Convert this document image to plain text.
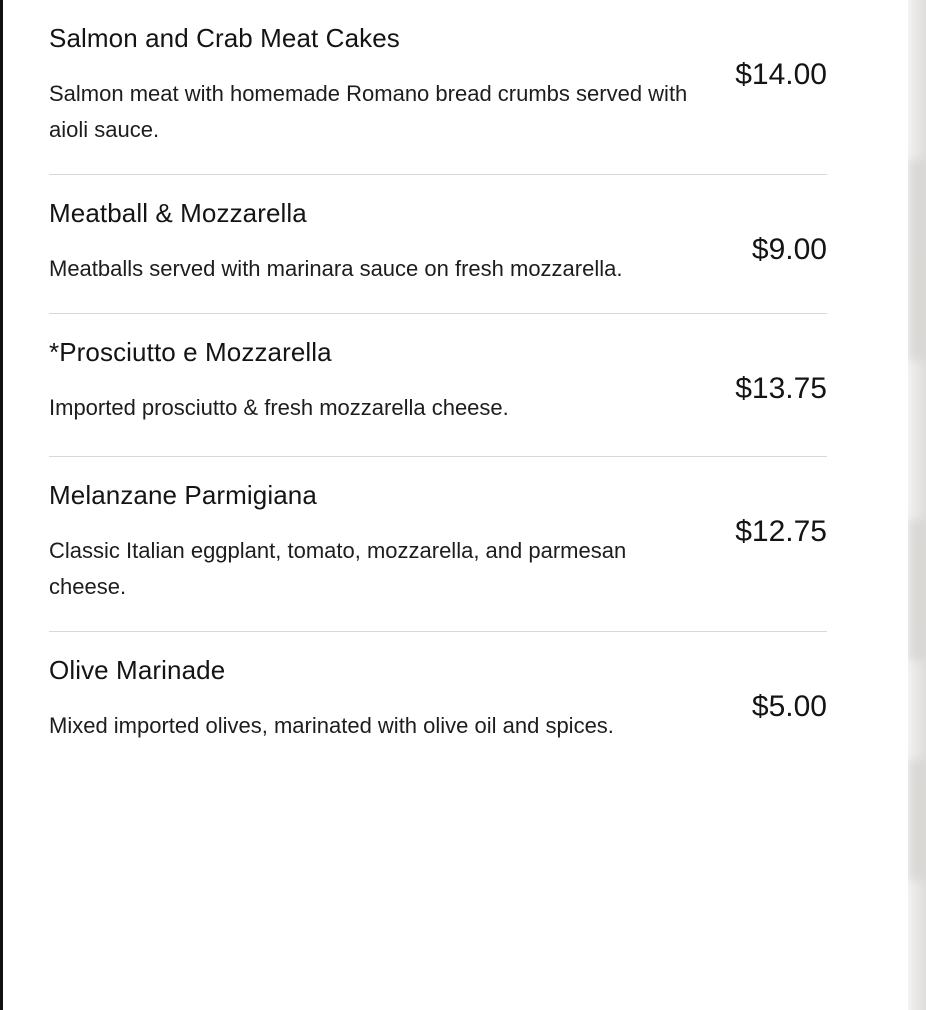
Salmon and Crab Meat Cakes
$14.00
Salmon meat with homemade Romano bread crumbs served with aioli sauce.
Meatball & Mozzarella
$9.00
Meatballs served with marinara sauce on fresh mozzarella.
*Prosciutto e Mozzarella
$13.75
Imported prosciutto & fresh mozzarella cheese.
Melanzane Parmigiana
$12.75
Classic Italian eggplant, tomato, mozzarella, and parmesan cheese.
Olive Marinade
$5.00
Mixed imported olives, marinated with olive oil and spices.
